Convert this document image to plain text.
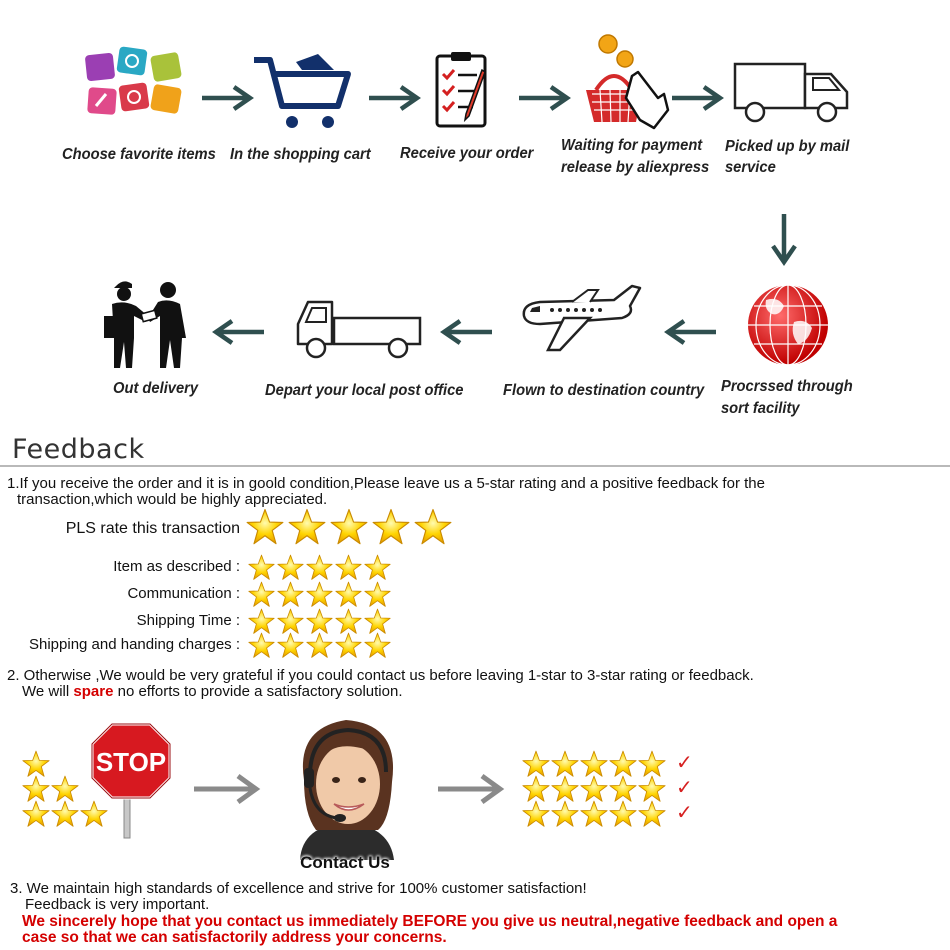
Choose favorite items In the shopping cart Receive your order Waiting for payment
release by aliexpress
Picked up by mail
service
Procrssed through
sort facility
Flown to destination country
Depart your local post office
Out delivery
Feedback
1.If you receive the order and it is in goold condition,Please leave us a 5-star rating and a positive feedback for the
transaction,which would be highly appreciated.
PLS rate this transaction
Item as described :
Communication :
Shipping Time :
Shipping and handing charges :
2. Otherwise ,We would be very grateful if you could contact us before leaving 1-star to 3-star rating or feedback.
We will spare no efforts to provide a satisfactory solution.
STOP
Contact Us
✓
✓
✓
3. We maintain high standards of excellence and strive for 100% customer satisfaction!
Feedback is very important.
We sincerely hope that you contact us immediately BEFORE you give us neutral,negative feedback and open a
case so that we can satisfactorily address your concerns.
